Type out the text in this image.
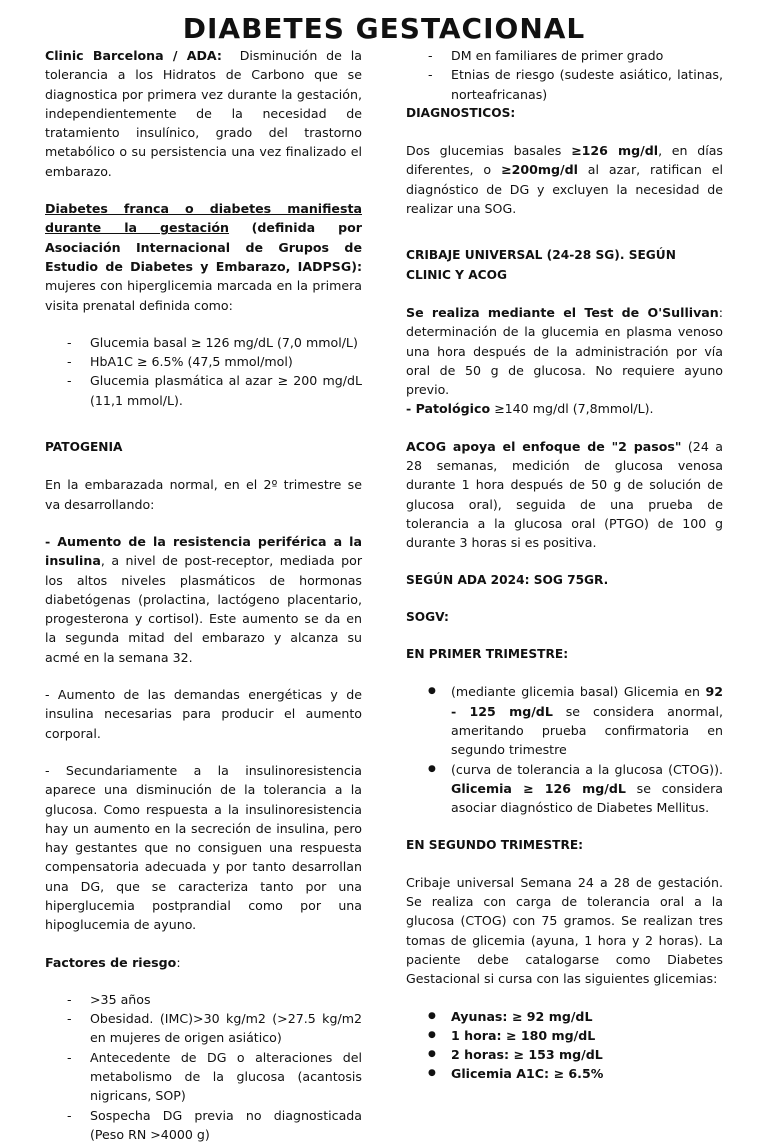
DIABETES GESTACIONAL

Clinic Barcelona / ADA: Disminución de la tolerancia a los Hidratos de Carbono que se diagnostica por primera vez durante la gestación, independientemente de la necesidad de tratamiento insulínico, grado del trastorno metabólico o su persistencia una vez finalizado el embarazo.

Diabetes franca o diabetes manifiesta durante la gestación (definida por Asociación Internacional de Grupos de Estudio de Diabetes y Embarazo, IADPSG): mujeres con hiperglicemia marcada en la primera visita prenatal definida como:

- Glucemia basal ≥ 126 mg/dL (7,0 mmol/L)
- HbA1C ≥ 6.5% (47,5 mmol/mol)
- Glucemia plasmática al azar ≥ 200 mg/dL (11,1 mmol/L).

PATOGENIA

En la embarazada normal, en el 2º trimestre se va desarrollando:

- Aumento de la resistencia periférica a la insulina, a nivel de post-receptor, mediada por los altos niveles plasmáticos de hormonas diabetógenas (prolactina, lactógeno placentario, progesterona y cortisol). Este aumento se da en la segunda mitad del embarazo y alcanza su acmé en la semana 32.

- Aumento de las demandas energéticas y de insulina necesarias para producir el aumento corporal.

- Secundariamente a la insulinoresistencia aparece una disminución de la tolerancia a la glucosa. Como respuesta a la insulinoresistencia hay un aumento en la secreción de insulina, pero hay gestantes que no consiguen una respuesta compensatoria adecuada y por tanto desarrollan una DG, que se caracteriza tanto por una hiperglucemia postprandial como por una hipoglucemia de ayuno.

Factores de riesgo:

- >35 años
- Obesidad. (IMC)>30 kg/m2 (>27.5 kg/m2 en mujeres de origen asiático)
- Antecedente de DG o alteraciones del metabolismo de la glucosa (acantosis nigricans, SOP)
- Sospecha DG previa no diagnosticada (Peso RN >4000 g)
- DM en familiares de primer grado
- Etnias de riesgo (sudeste asiático, latinas, norteafricanas)

DIAGNOSTICOS:

Dos glucemias basales ≥126 mg/dl, en días diferentes, o ≥200mg/dl al azar, ratifican el diagnóstico de DG y excluyen la necesidad de realizar una SOG.

CRIBAJE UNIVERSAL (24-28 SG). SEGÚN CLINIC Y ACOG

Se realiza mediante el Test de O'Sullivan: determinación de la glucemia en plasma venoso una hora después de la administración por vía oral de 50 g de glucosa. No requiere ayuno previo.

- Patológico ≥140 mg/dl (7,8mmol/L).

ACOG apoya el enfoque de "2 pasos" (24 a 28 semanas, medición de glucosa venosa durante 1 hora después de 50 g de solución de glucosa oral), seguida de una prueba de tolerancia a la glucosa oral (PTGO) de 100 g durante 3 horas si es positiva.

SEGÚN ADA 2024: SOG 75GR.

SOGV:

EN PRIMER TRIMESTRE:

● (mediante glicemia basal) Glicemia en 92 - 125 mg/dL se considera anormal, ameritando prueba confirmatoria en segundo trimestre
● (curva de tolerancia a la glucosa (CTOG)). Glicemia ≥ 126 mg/dL se considera asociar diagnóstico de Diabetes Mellitus.

EN SEGUNDO TRIMESTRE:

Cribaje universal Semana 24 a 28 de gestación. Se realiza con carga de tolerancia oral a la glucosa (CTOG) con 75 gramos. Se realizan tres tomas de glicemia (ayuna, 1 hora y 2 horas). La paciente debe catalogarse como Diabetes Gestacional si cursa con las siguientes glicemias:

● Ayunas: ≥ 92 mg/dL
● 1 hora: ≥ 180 mg/dL
● 2 horas: ≥ 153 mg/dL
● Glicemia A1C: ≥ 6.5%
